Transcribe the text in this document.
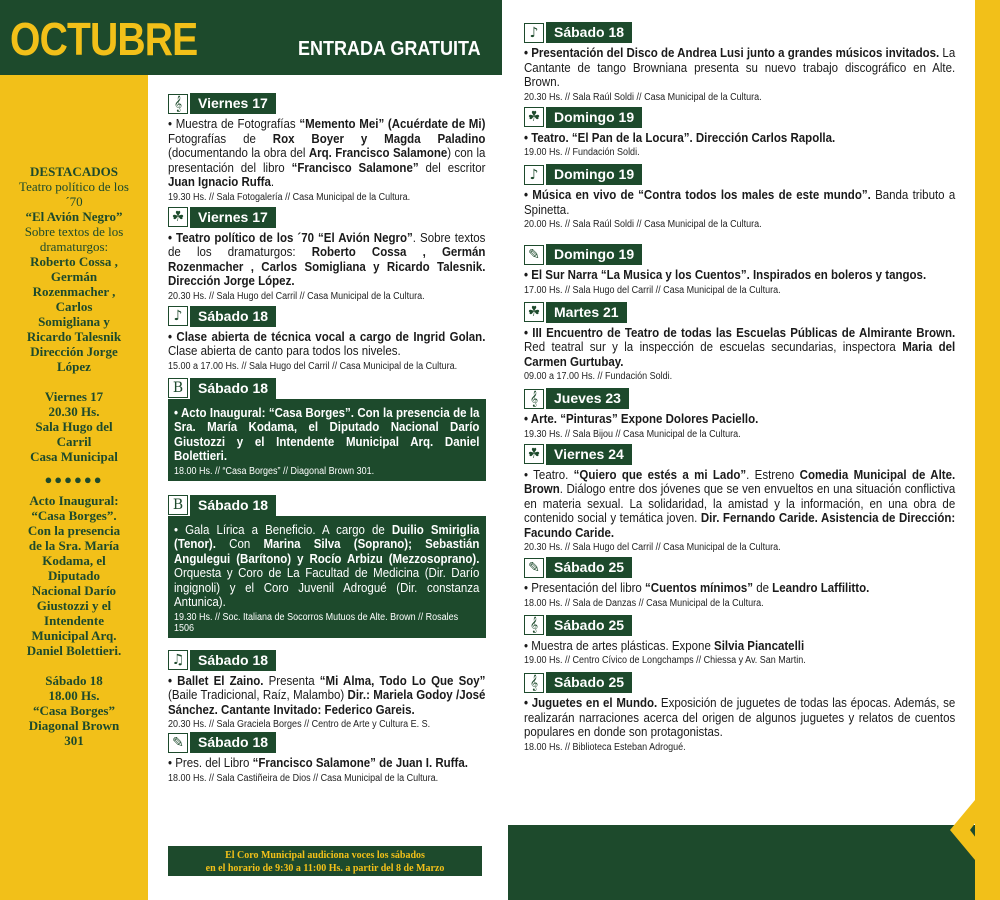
OCTUBRE	ENTRADA GRATUITA
DESTACADOS
Teatro político de los
´70
“El Avión Negro”
Sobre textos de los
dramaturgos:
Roberto Cossa ,
Germán
Rozenmacher ,
Carlos
Somigliana y
Ricardo Talesnik
Dirección Jorge
López

Viernes 17
20.30 Hs.
Sala Hugo del
Carril
Casa Municipal
●●●●●●
Acto Inaugural:
“Casa Borges”.
Con la presencia
de la Sra. María
Kodama, el
Diputado
Nacional Darío
Giustozzi y el
Intendente
Municipal Arq.
Daniel Bolettieri.

Sábado 18
18.00 Hs.
“Casa Borges”
Diagonal Brown
301
𝄞	Viernes 17
• Muestra de Fotografías “Memento Mei” (Acuérdate de Mi) Fotografías de Rox Boyer y Magda Paladino (documentando la obra del Arq. Francisco Salamone) con la presentación del libro “Francisco Salamone” del escritor Juan Ignacio Ruffa.
19.30 Hs. // Sala Fotogalería // Casa Municipal de la Cultura.
☘ Viernes 17
• Teatro político de los ´70 “El Avión Negro”. Sobre textos de los dramaturgos: Roberto Cossa , Germán Rozenmacher , Carlos Somigliana y Ricardo Talesnik. Dirección Jorge López.
20.30 Hs. // Sala Hugo del Carril // Casa Municipal de la Cultura.
♪	Sábado 18
• Clase abierta de técnica vocal a cargo de Ingrid Golan. Clase abierta de canto para todos los niveles.
15.00 a 17.00 Hs. // Sala Hugo del Carril // Casa Municipal de la Cultura.
B	Sábado 18
• Acto Inaugural: “Casa Borges”. Con la presencia de la Sra. María Kodama, el Diputado Nacional Darío Giustozzi y el Intendente Municipal Arq. Daniel Bolettieri.
18.00 Hs. // “Casa Borges” // Diagonal Brown 301.
B	Sábado 18
• Gala Lírica a Beneficio. A cargo de Duilio Smiriglia (Tenor). Con Marina Silva (Soprano); Sebastián Angulegui (Barítono) y Rocío Arbizu (Mezzosoprano). Orquesta y Coro de La Facultad de Medicina (Dir. Darío ingignoli) y el Coro Juvenil Adrogué (Dir. constanza Antunica).
19.30 Hs. // Soc. Italiana de Socorros Mutuos de Alte. Brown // Rosales 1506
♫ Sábado 18
• Ballet El Zaino. Presenta “Mi Alma, Todo Lo Que Soy” (Baile Tradicional, Raíz, Malambo) Dir.: Mariela Godoy /José Sánchez. Cantante Invitado: Federico Gareis.
20.30 Hs. // Sala Graciela Borges // Centro de Arte y Cultura E. S.
✎	Sábado 18
• Pres. del Libro “Francisco Salamone” de Juan I. Ruffa.
18.00 Hs. // Sala Castiñeira de Dios // Casa Municipal de la Cultura.
El Coro Municipal audiciona voces los sábados
en el horario de 9:30 a 11:00 Hs. a partir del 8 de Marzo
♪	Sábado 18
• Presentación del Disco de Andrea Lusi junto a grandes músicos invitados. La Cantante de tango Browniana presenta su nuevo trabajo discográfico en Alte. Brown.
20.30 Hs. // Sala Raúl Soldi // Casa Municipal de la Cultura.
☘ Domingo 19
• Teatro. “El Pan de la Locura”. Dirección Carlos Rapolla.
19.00 Hs. // Fundación Soldi.
♪	Domingo 19
• Música en vivo de “Contra todos los males de este mundo”. Banda tributo a Spinetta.
20.00 Hs. // Sala Raúl Soldi // Casa Municipal de la Cultura.
✎	Domingo 19
• El Sur Narra “La Musica y los Cuentos”. Inspirados en boleros y tangos.
17.00 Hs. // Sala Hugo del Carril // Casa Municipal de la Cultura.
☘ Martes 21
• III Encuentro de Teatro de todas las Escuelas Públicas de Almirante Brown. Red teatral sur y la inspección de escuelas secundarias, inspectora Maria del Carmen Gurtubay.
09.00 a 17.00 Hs. // Fundación Soldi.
𝄞	Jueves 23
• Arte. “Pinturas” Expone Dolores Paciello.
19.30 Hs. // Sala Bijou // Casa Municipal de la Cultura.
☘ Viernes 24
• Teatro. “Quiero que estés a mi Lado”. Estreno Comedia Municipal de Alte. Brown. Diálogo entre dos jóvenes que se ven envueltos en una situación conflictiva en materia sexual. La solidaridad, la amistad y la información, en una obra de contenido social y temática joven. Dir. Fernando Caride. Asistencia de Dirección: Facundo Caride.
20.30 Hs. // Sala Hugo del Carril // Casa Municipal de la Cultura.
✎	Sábado 25
• Presentación del libro “Cuentos mínimos” de Leandro Laffilitto.
18.00 Hs. // Sala de Danzas // Casa Municipal de la Cultura.
𝄞	Sábado 25
• Muestra de artes plásticas. Expone Silvia Piancatelli
19.00 Hs. // Centro Cívico de Longchamps // Chiessa y Av. San Martin.
𝄞	Sábado 25
• Juguetes en el Mundo. Exposición de juguetes de todas las épocas. Además, se realizarán narraciones acerca del origen de algunos juguetes y relatos de cuentos populares en donde son protagonistas.
18.00 Hs. // Biblioteca Esteban Adrogué.
